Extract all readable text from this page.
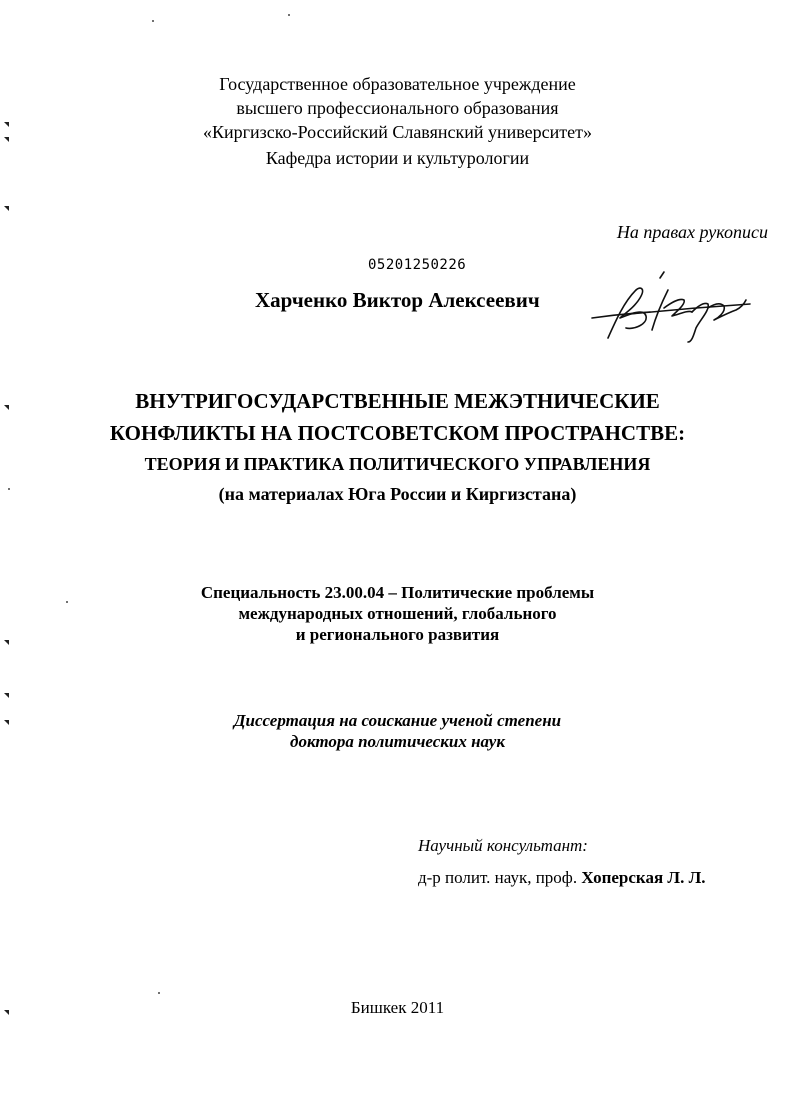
Государственное образовательное учреждение
высшего профессионального образования
«Киргизско-Российский Славянский университет»
Кафедра истории и культурологии
На правах рукописи
05201250226
Харченко Виктор Алексеевич
ВНУТРИГОСУДАРСТВЕННЫЕ МЕЖЭТНИЧЕСКИЕ
КОНФЛИКТЫ НА ПОСТСОВЕТСКОМ ПРОСТРАНСТВЕ:
ТЕОРИЯ И ПРАКТИКА ПОЛИТИЧЕСКОГО УПРАВЛЕНИЯ
(на материалах Юга России и Киргизстана)
Специальность 23.00.04 – Политические проблемы
международных отношений, глобального
и регионального развития
Диссертация на соискание ученой степени
доктора политических наук
Научный консультант:
д-р полит. наук, проф. Хоперская Л. Л.
Бишкек 2011
